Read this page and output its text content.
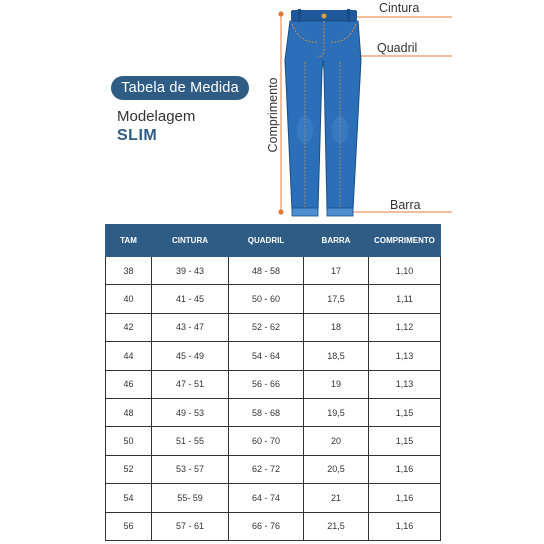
Tabela de Medida
Modelagem
SLIM
Cintura
Quadril
Barra
Comprimento
TAM	CINTURA	QUADRIL	BARRA	COMPRIMENTO
38	39 - 43	48 - 58	17	1,10
40	41 - 45	50 - 60	17,5	1,11
42	43 - 47	52 - 62	18	1,12
44	45 - 49	54 - 64	18,5	1,13
46	47 - 51	56 - 66	19	1,13
48	49 - 53	58 - 68	19,5	1,15
50	51 - 55	60 - 70	20	1,15
52	53 - 57	62 - 72	20,5	1,16
54	55- 59	64 - 74	21	1,16
56	57 - 61	66 - 76	21,5	1,16
